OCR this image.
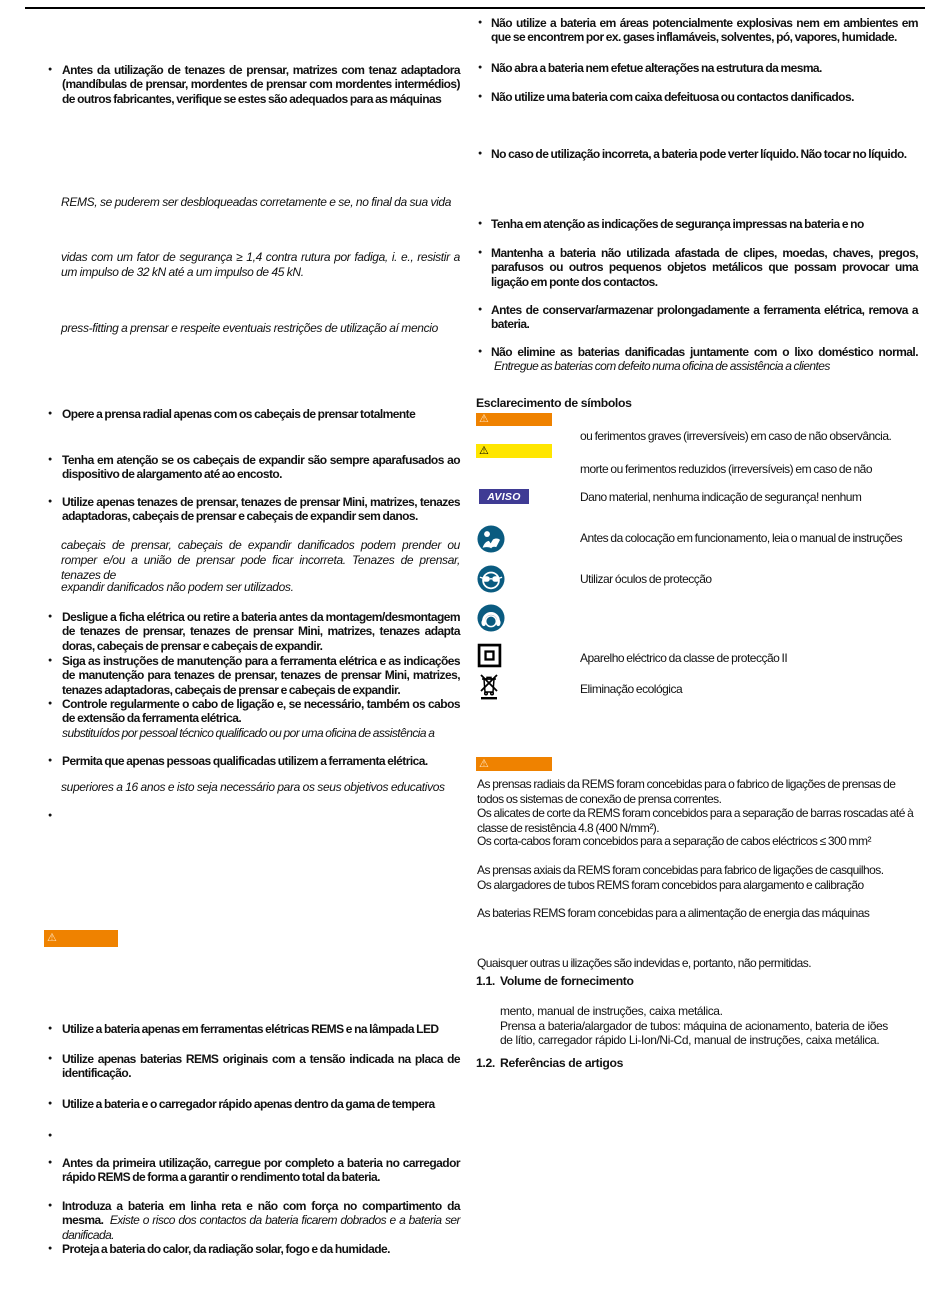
● Antes da utilização de tenazes de prensar, matrizes com tenaz adaptadora (mandíbulas de prensar, mordentes de prensar com mordentes intermédios) de outros fabricantes, verifique se estes são adequados para as máquinas
REMS, se puderem ser desbloqueadas corretamente e se, no final da sua vida
vidas com um fator de segurança ≥ 1,4 contra rutura por fadiga, i. e., resistir a um impulso de 32 kN até a um impulso de 45 kN.
press-fitting a prensar e respeite eventuais restrições de utilização aí mencio
● Opere a prensa radial apenas com os cabeçais de prensar totalmente
● Tenha em atenção se os cabeçais de expandir são sempre aparafusados ao dispositivo de alargamento até ao encosto.
● Utilize apenas tenazes de prensar, tenazes de prensar Mini, matrizes, tenazes adaptadoras, cabeçais de prensar e cabeçais de expandir sem danos.
cabeçais de prensar, cabeçais de expandir danificados podem prender ou romper e/ou a união de prensar pode ficar incorreta. Tenazes de prensar, tenazes de
expandir danificados não podem ser utilizados.
● Desligue a ficha elétrica ou retire a bateria antes da montagem/desmontagem de tenazes de prensar, tenazes de prensar Mini, matrizes, tenazes adapta doras, cabeçais de prensar e cabeçais de expandir.
● Siga as instruções de manutenção para a ferramenta elétrica e as indicações de manutenção para tenazes de prensar, tenazes de prensar Mini, matrizes, tenazes adaptadoras, cabeçais de prensar e cabeçais de expandir.
● Controle regularmente o cabo de ligação e, se necessário, também os cabos de extensão da ferramenta elétrica.
substituídos por pessoal técnico qualificado ou por uma oficina de assistência a
● Permita que apenas pessoas qualificadas utilizem a ferramenta elétrica.
superiores a 16 anos e isto seja necessário para os seus objetivos educativos
●
⚠
● Utilize a bateria apenas em ferramentas elétricas REMS e na lâmpada LED
● Utilize apenas baterias REMS originais com a tensão indicada na placa de identificação.
● Utilize a bateria e o carregador rápido apenas dentro da gama de tempera
●
● Antes da primeira utilização, carregue por completo a bateria no carregador rápido REMS de forma a garantir o rendimento total da bateria.
● Introduza a bateria em linha reta e não com força no compartimento da mesma. Existe o risco dos contactos da bateria ficarem dobrados e a bateria ser danificada.
● Proteja a bateria do calor, da radiação solar, fogo e da humidade.
● Não utilize a bateria em áreas potencialmente explosivas nem em ambientes em que se encontrem por ex. gases inflamáveis, solventes, pó, vapores, humidade.
● Não abra a bateria nem efetue alterações na estrutura da mesma.
● Não utilize uma bateria com caixa defeituosa ou contactos danificados.
● No caso de utilização incorreta, a bateria pode verter líquido. Não tocar no líquido.
● Tenha em atenção as indicações de segurança impressas na bateria e no
● Mantenha a bateria não utilizada afastada de clipes, moedas, chaves, pregos, parafusos ou outros pequenos objetos metálicos que possam provocar uma ligação em ponte dos contactos.
● Antes de conservar/armazenar prolongadamente a ferramenta elétrica, remova a bateria.
● Não elimine as baterias danificadas juntamente com o lixo doméstico normal. Entregue as baterias com defeito numa oficina de assistência a clientes
Esclarecimento de símbolos
⚠
ou ferimentos graves (irreversíveis) em caso de não observância.
⚠
morte ou ferimentos reduzidos (irreversíveis) em caso de não
AVISO	Dano material, nenhuma indicação de segurança! nenhum
Antes da colocação em funcionamento, leia o manual de instruções
Utilizar óculos de protecção
Aparelho eléctrico da classe de protecção II
Eliminação ecológica
⚠
As prensas radiais da REMS foram concebidas para o fabrico de ligações de prensas de todos os sistemas de conexão de prensa correntes.
Os alicates de corte da REMS foram concebidos para a separação de barras roscadas até à classe de resistência 4.8 (400 N/mm²).
Os corta-cabos foram concebidos para a separação de cabos eléctricos ≤ 300 mm²
As prensas axiais da REMS foram concebidas para fabrico de ligações de casquilhos.
Os alargadores de tubos REMS foram concebidos para alargamento e calibração
As baterias REMS foram concebidas para a alimentação de energia das máquinas
Quaisquer outras u ilizações são indevidas e, portanto, não permitidas.
1.1. Volume de fornecimento
mento, manual de instruções, caixa metálica.
Prensa a bateria/alargador de tubos: máquina de acionamento, bateria de iões
de lítio, carregador rápido Li-Ion/Ni-Cd, manual de instruções, caixa metálica.
1.2. Referências de artigos
